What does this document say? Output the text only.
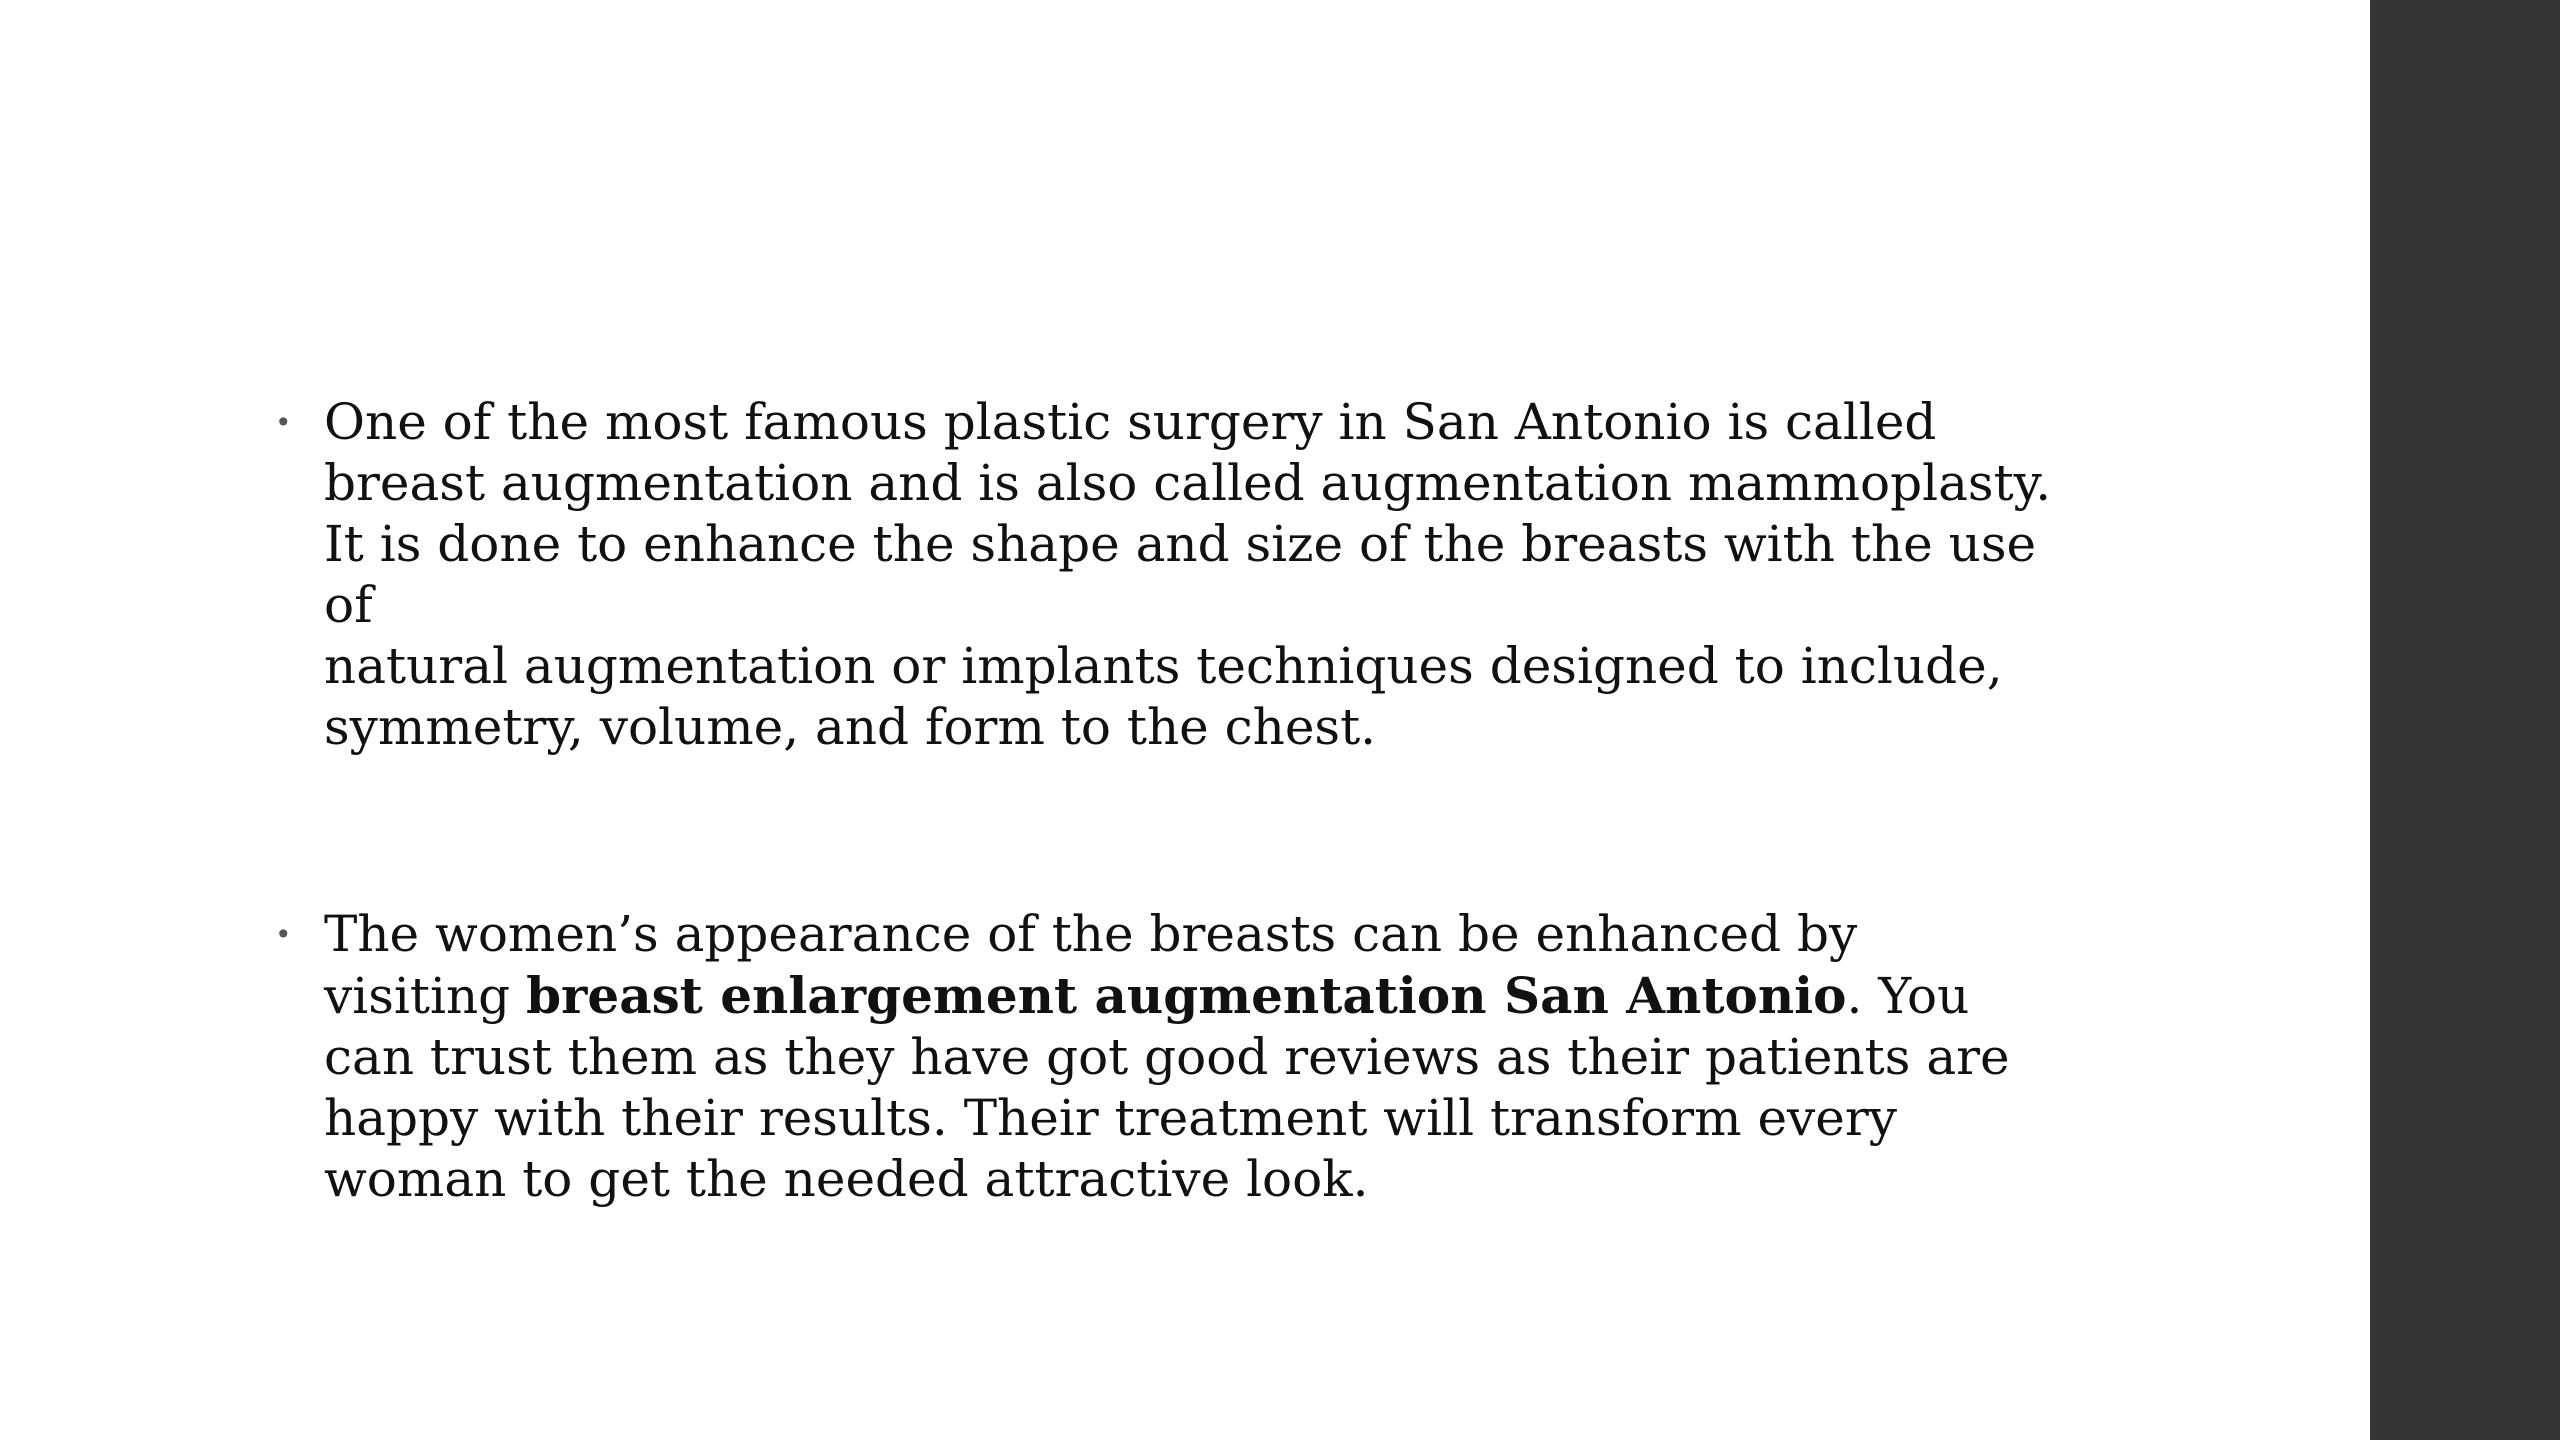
• One of the most famous plastic surgery in San Antonio is called
breast augmentation and is also called augmentation mammoplasty.
It is done to enhance the shape and size of the breasts with the use of
natural augmentation or implants techniques designed to include,
symmetry, volume, and form to the chest.
• The women’s appearance of the breasts can be enhanced by
visiting breast enlargement augmentation San Antonio. You
can trust them as they have got good reviews as their patients are
happy with their results. Their treatment will transform every
woman to get the needed attractive look.
